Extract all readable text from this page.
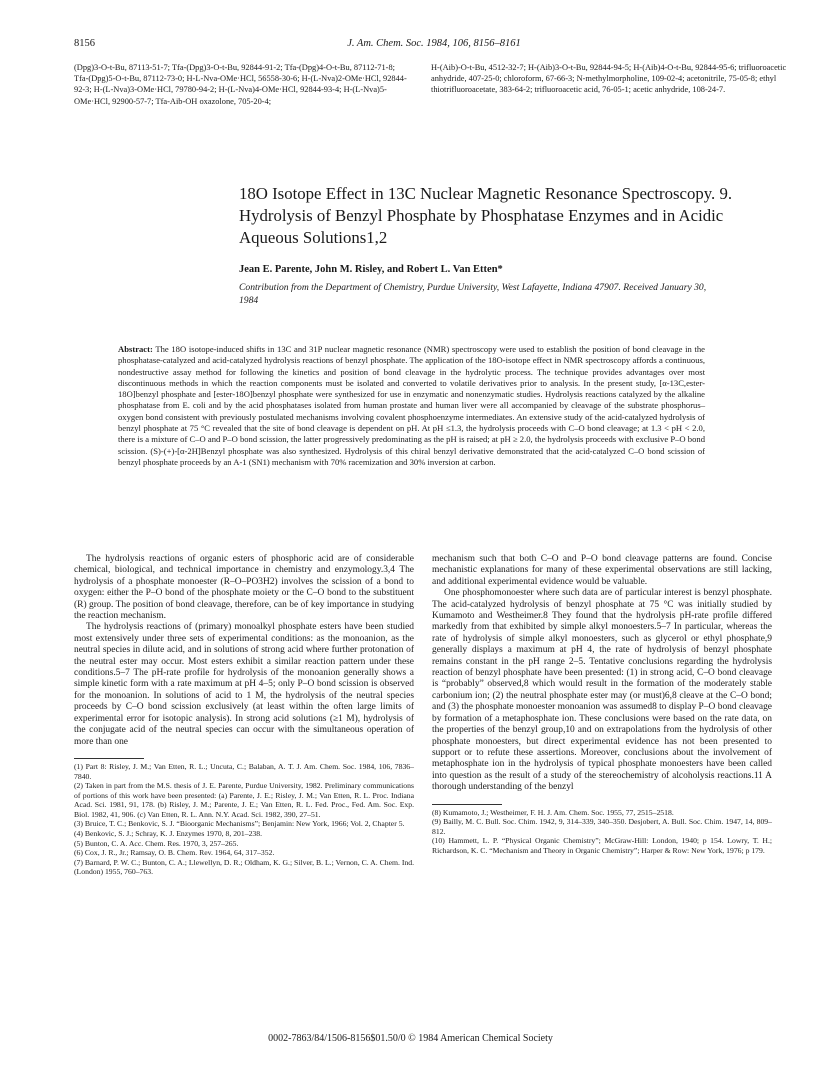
8156	J. Am. Chem. Soc. 1984, 106, 8156–8161
(Dpg)3-O-t-Bu, 87113-51-7; Tfa-(Dpg)3-O-t-Bu, 92844-91-2; Tfa-(Dpg)4-O-t-Bu, 87112-71-8; Tfa-(Dpg)5-O-t-Bu, 87112-73-0; H-L-Nva-OMe·HCl, 56558-30-6; H-(L-Nva)2-OMe·HCl, 92844-92-3; H-(L-Nva)3-OMe·HCl, 79780-94-2; H-(L-Nva)4-OMe·HCl, 92844-93-4; H-(L-Nva)5-OMe·HCl, 92900-57-7; Tfa-Aib-OH oxazolone, 705-20-4;
H-(Aib)-O-t-Bu, 4512-32-7; H-(Aib)3-O-t-Bu, 92844-94-5; H-(Aib)4-O-t-Bu, 92844-95-6; trifluoroacetic anhydride, 407-25-0; chloroform, 67-66-3; N-methylmorpholine, 109-02-4; acetonitrile, 75-05-8; ethyl thiotrifluoroacetate, 383-64-2; trifluoroacetic acid, 76-05-1; acetic anhydride, 108-24-7.
18O Isotope Effect in 13C Nuclear Magnetic Resonance Spectroscopy. 9. Hydrolysis of Benzyl Phosphate by Phosphatase Enzymes and in Acidic Aqueous Solutions1,2
Jean E. Parente, John M. Risley, and Robert L. Van Etten*
Contribution from the Department of Chemistry, Purdue University, West Lafayette, Indiana 47907. Received January 30, 1984
Abstract: The 18O isotope-induced shifts in 13C and 31P nuclear magnetic resonance (NMR) spectroscopy were used to establish the position of bond cleavage in the phosphatase-catalyzed and acid-catalyzed hydrolysis reactions of benzyl phosphate. The application of the 18O-isotope effect in NMR spectroscopy affords a continuous, nondestructive assay method for following the kinetics and position of bond cleavage in the hydrolytic process. The technique provides advantages over most discontinuous methods in which the reaction components must be isolated and converted to volatile derivatives prior to analysis. In the present study, [α-13C,ester-18O]benzyl phosphate and [ester-18O]benzyl phosphate were synthesized for use in enzymatic and nonenzymatic studies. Hydrolysis reactions catalyzed by the alkaline phosphatase from E. coli and by the acid phosphatases isolated from human prostate and human liver were all accompanied by cleavage of the substrate phosphorus–oxygen bond consistent with previously postulated mechanisms involving covalent phosphoenzyme intermediates. An extensive study of the acid-catalyzed hydrolysis of benzyl phosphate at 75 °C revealed that the site of bond cleavage is dependent on pH. At pH ≤1.3, the hydrolysis proceeds with C–O bond cleavage; at 1.3 < pH < 2.0, there is a mixture of C–O and P–O bond scission, the latter progressively predominating as the pH is raised; at pH ≥ 2.0, the hydrolysis proceeds with exclusive P–O bond scission. (S)-(+)-[α-2H]Benzyl phosphate was also synthesized. Hydrolysis of this chiral benzyl derivative demonstrated that the acid-catalyzed C–O bond scission of benzyl phosphate proceeds by an A-1 (SN1) mechanism with 70% racemization and 30% inversion at carbon.

The hydrolysis reactions of organic esters of phosphoric acid are of considerable chemical, biological, and technical importance in chemistry and enzymology.3,4 The hydrolysis of a phosphate monoester (R–O–PO3H2) involves the scission of a bond to oxygen: either the P–O bond of the phosphate moiety or the C–O bond to the substituent (R) group. The position of bond cleavage, therefore, can be of key importance in studying the reaction mechanism.

The hydrolysis reactions of (primary) monoalkyl phosphate esters have been studied most extensively under three sets of experimental conditions: as the monoanion, as the neutral species in dilute acid, and in solutions of strong acid where further protonation of the neutral ester may occur. Most esters exhibit a similar reaction pattern under these conditions.5–7 The pH-rate profile for hydrolysis of the monoanion generally shows a simple kinetic form with a rate maximum at pH 4–5; only P–O bond scission is observed for the monoanion. In solutions of acid to 1 M, the hydrolysis of the neutral species proceeds by C–O bond scission exclusively (at least within the often large limits of experimental error for isotopic analysis). In strong acid solutions (≥1 M), hydrolysis of the conjugate acid of the neutral species can occur with the simultaneous operation of more than one

(1) Part 8: Risley, J. M.; Van Etten, R. L.; Uncuta, C.; Balaban, A. T. J. Am. Chem. Soc. 1984, 106, 7836–7840.
(2) Taken in part from the M.S. thesis of J. E. Parente, Purdue University, 1982. Preliminary communications of portions of this work have been presented: (a) Parente, J. E.; Risley, J. M.; Van Etten, R. L. Proc. Indiana Acad. Sci. 1981, 91, 178. (b) Risley, J. M.; Parente, J. E.; Van Etten, R. L. Fed. Proc., Fed. Am. Soc. Exp. Biol. 1982, 41, 906. (c) Van Etten, R. L. Ann. N.Y. Acad. Sci. 1982, 390, 27–51.
(3) Bruice, T. C.; Benkovic, S. J. “Bioorganic Mechanisms”; Benjamin: New York, 1966; Vol. 2, Chapter 5.
(4) Benkovic, S. J.; Schray, K. J. Enzymes 1970, 8, 201–238.
(5) Bunton, C. A. Acc. Chem. Res. 1970, 3, 257–265.
(6) Cox, J. R., Jr.; Ramsay, O. B. Chem. Rev. 1964, 64, 317–352.
(7) Barnard, P. W. C.; Bunton, C. A.; Llewellyn, D. R.; Oldham, K. G.; Silver, B. L.; Vernon, C. A. Chem. Ind. (London) 1955, 760–763.

mechanism such that both C–O and P–O bond cleavage patterns are found. Concise mechanistic explanations for many of these experimental observations are still lacking, and additional experimental evidence would be valuable.

One phosphomonoester where such data are of particular interest is benzyl phosphate. The acid-catalyzed hydrolysis of benzyl phosphate at 75 °C was initially studied by Kumamoto and Westheimer.8 They found that the hydrolysis pH-rate profile differed markedly from that exhibited by simple alkyl monoesters.5–7 In particular, whereas the rate of hydrolysis of simple alkyl monoesters, such as glycerol or ethyl phosphate,9 generally displays a maximum at pH 4, the rate of hydrolysis of benzyl phosphate remains constant in the pH range 2–5. Tentative conclusions regarding the hydrolysis reaction of benzyl phosphate have been presented: (1) in strong acid, C–O bond cleavage is “probably” observed,8 which would result in the formation of the moderately stable carbonium ion; (2) the neutral phosphate ester may (or must)6,8 cleave at the C–O bond; and (3) the phosphate monoester monoanion was assumed8 to display P–O bond cleavage by formation of a metaphosphate ion. These conclusions were based on the rate data, on the properties of the benzyl group,10 and on extrapolations from the hydrolysis of other phosphate monoesters, but direct experimental evidence has not been presented to support or to refute these assertions. Moreover, conclusions about the involvement of metaphosphate ion in the hydrolysis of typical phosphate monoesters have been called into question as the result of a study of the stereochemistry of alcoholysis reactions.11 A thorough understanding of the benzyl

(8) Kumamoto, J.; Westheimer, F. H. J. Am. Chem. Soc. 1955, 77, 2515–2518.
(9) Bailly, M. C. Bull. Soc. Chim. 1942, 9, 314–339, 340–350. Desjobert, A. Bull. Soc. Chim. 1947, 14, 809–812.
(10) Hammett, L. P. “Physical Organic Chemistry”; McGraw-Hill: London, 1940; p 154. Lowry, T. H.; Richardson, K. C. “Mechanism and Theory in Organic Chemistry”; Harper & Row: New York, 1976; p 179.
0002-7863/84/1506-8156$01.50/0 © 1984 American Chemical Society
